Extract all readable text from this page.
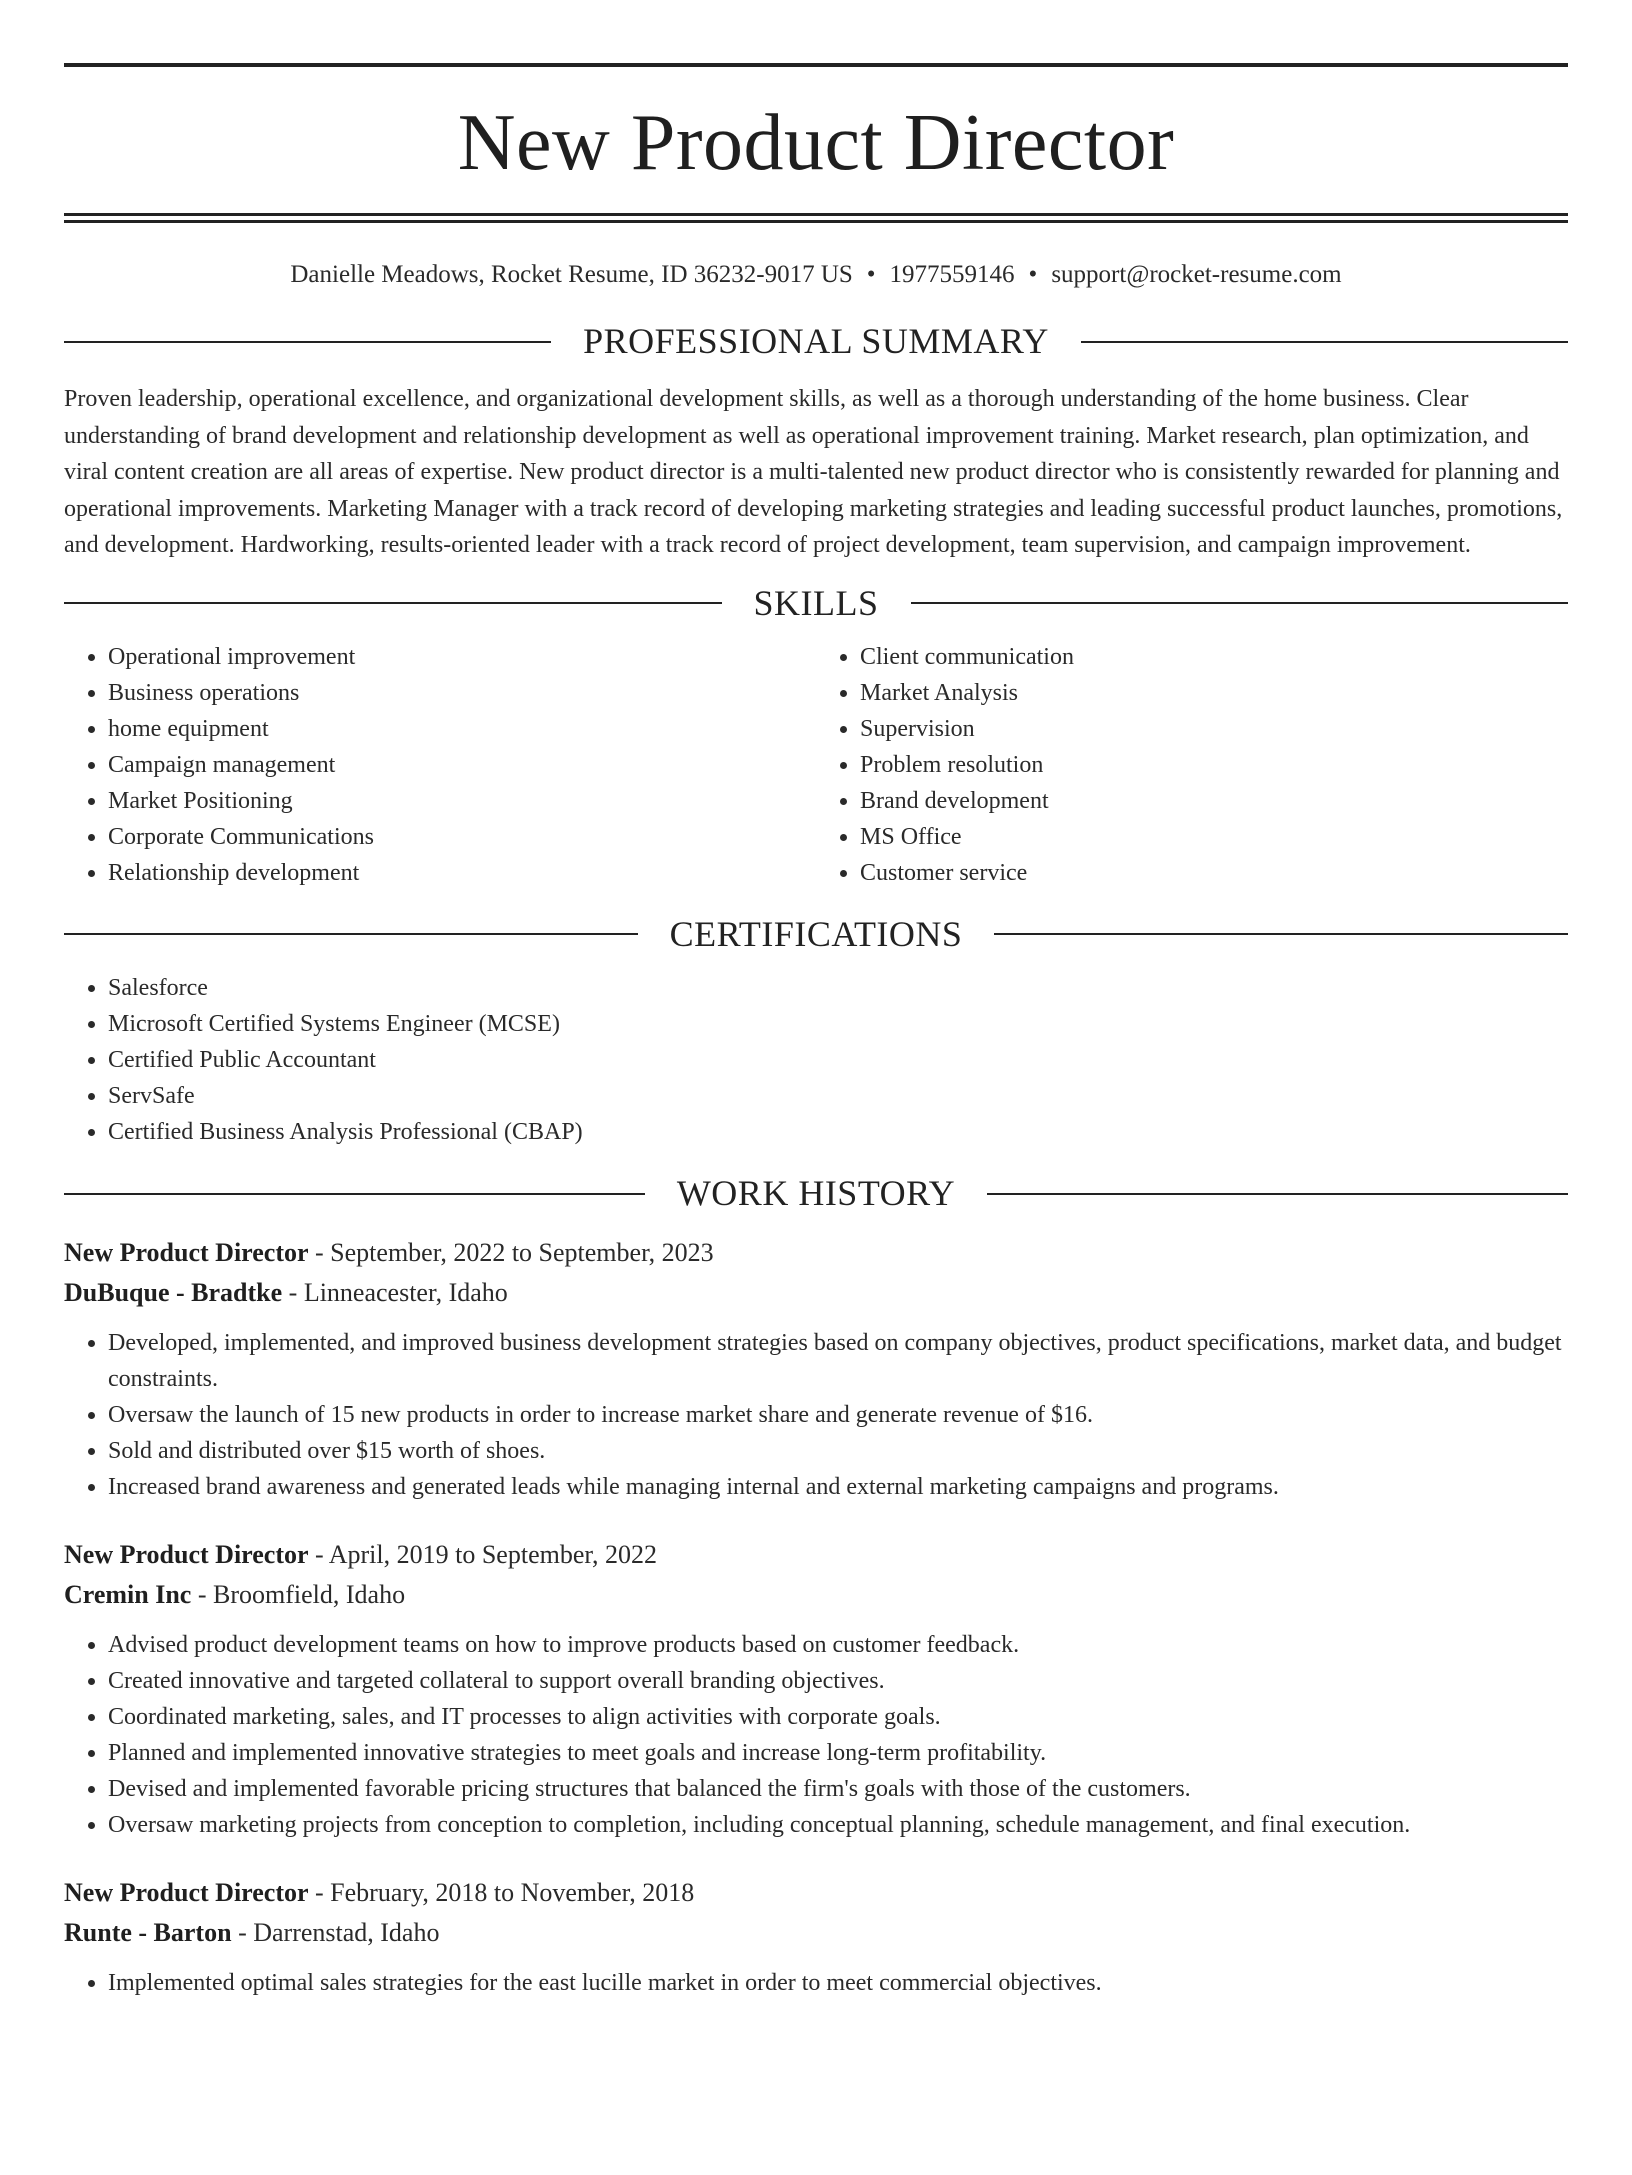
New Product Director
Danielle Meadows, Rocket Resume, ID 36232-9017 US • 1977559146 • support@rocket-resume.com
PROFESSIONAL SUMMARY

Proven leadership, operational excellence, and organizational development skills, as well as a thorough understanding of the home business. Clear understanding of brand development and relationship development as well as operational improvement training. Market research, plan optimization, and viral content creation are all areas of expertise. New product director is a multi-talented new product director who is consistently rewarded for planning and operational improvements. Marketing Manager with a track record of developing marketing strategies and leading successful product launches, promotions, and development. Hardworking, results-oriented leader with a track record of project development, team supervision, and campaign improvement.

SKILLS
• Operational improvement
• Business operations
• home equipment
• Campaign management
• Market Positioning
• Corporate Communications
• Relationship development
• Client communication
• Market Analysis
• Supervision
• Problem resolution
• Brand development
• MS Office
• Customer service
CERTIFICATIONS
• Salesforce
• Microsoft Certified Systems Engineer (MCSE)
• Certified Public Accountant
• ServSafe
• Certified Business Analysis Professional (CBAP)
WORK HISTORY
New Product Director - September, 2022 to September, 2023
DuBuque - Bradtke - Linneacester, Idaho
• Developed, implemented, and improved business development strategies based on company objectives, product specifications, market data, and budget constraints.
• Oversaw the launch of 15 new products in order to increase market share and generate revenue of $16.
• Sold and distributed over $15 worth of shoes.
• Increased brand awareness and generated leads while managing internal and external marketing campaigns and programs.
New Product Director - April, 2019 to September, 2022
Cremin Inc - Broomfield, Idaho
• Advised product development teams on how to improve products based on customer feedback.
• Created innovative and targeted collateral to support overall branding objectives.
• Coordinated marketing, sales, and IT processes to align activities with corporate goals.
• Planned and implemented innovative strategies to meet goals and increase long-term profitability.
• Devised and implemented favorable pricing structures that balanced the firm's goals with those of the customers.
• Oversaw marketing projects from conception to completion, including conceptual planning, schedule management, and final execution.
New Product Director - February, 2018 to November, 2018
Runte - Barton - Darrenstad, Idaho
• Implemented optimal sales strategies for the east lucille market in order to meet commercial objectives.
